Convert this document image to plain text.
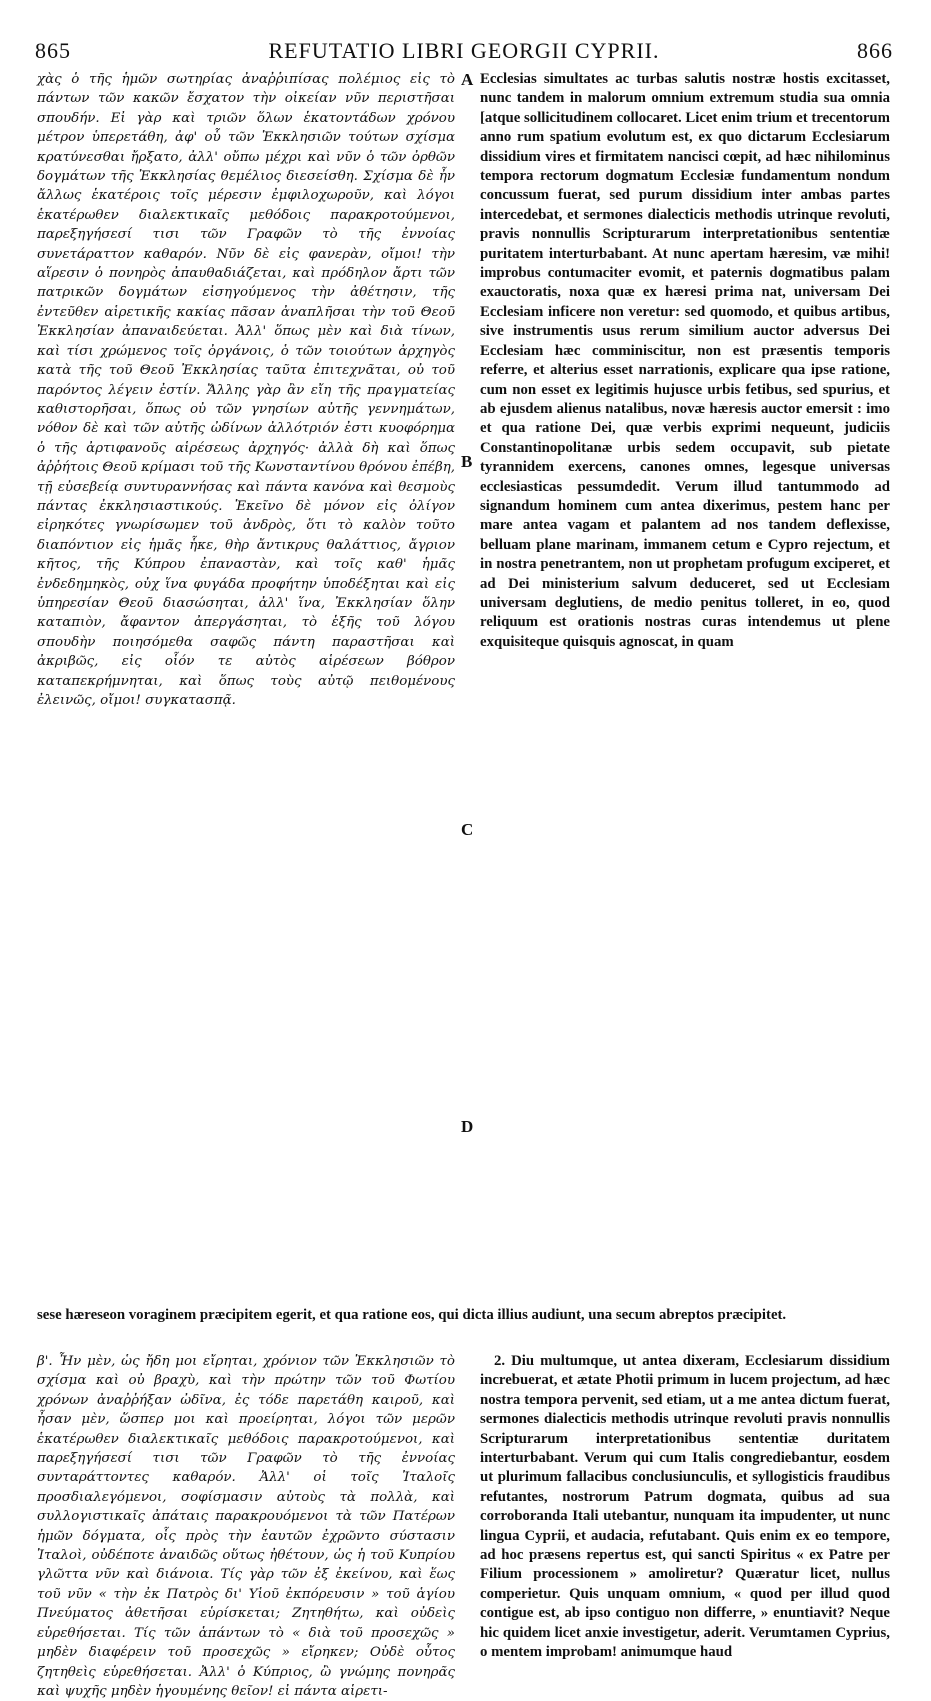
865	REFUTATIO LIBRI GEORGII CYPRII.	866

χὰς ὁ τῆς ἡμῶν σωτηρίας ἀναῤῥιπίσας πολέμιος εἰς τὸ πάντων τῶν κακῶν ἔσχατον τὴν οἰκείαν νῦν περιστῆσαι σπουδήν. Εἰ γὰρ καὶ τριῶν ὅλων ἑκατοντάδων χρόνου μέτρον ὑπερετάθη, ἀφ' οὗ τῶν Ἐκκλησιῶν τούτων σχίσμα κρατύνεσθαι ἤρξατο, ἀλλ' οὔπω μέχρι καὶ νῦν ὁ τῶν ὀρθῶν δογμάτων τῆς Ἐκκλησίας θεμέλιος διεσείσθη. Σχίσμα δὲ ἦν ἄλλως ἑκατέροις τοῖς μέρεσιν ἐμφιλοχωροῦν, καὶ λόγοι ἑκατέρωθεν διαλεκτικαῖς μεθόδοις παρακροτούμενοι, παρεξηγήσεσί τισι τῶν Γραφῶν τὸ τῆς ἐννοίας συνετάραττον καθαρόν. Νῦν δὲ εἰς φανερὰν, οἴμοι! τὴν αἵρεσιν ὁ πονηρὸς ἀπαυθαδιάζεται, καὶ πρόδηλον ἄρτι τῶν πατρικῶν δογμάτων εἰσηγούμενος τὴν ἀθέτησιν, τῆς ἐντεῦθεν αἱρετικῆς κακίας πᾶσαν ἀναπλῆσαι τὴν τοῦ Θεοῦ Ἐκκλησίαν ἀπαναιδεύεται. Ἀλλ' ὅπως μὲν καὶ διὰ τίνων, καὶ τίσι χρώμενος τοῖς ὀργάνοις, ὁ τῶν τοιούτων ἀρχηγὸς κατὰ τῆς τοῦ Θεοῦ Ἐκκλησίας ταῦτα ἐπιτεχνᾶται, οὐ τοῦ παρόντος λέγειν ἐστίν. Ἄλλης γὰρ ἂν εἴη τῆς πραγματείας καθιστορῆσαι, ὅπως οὐ τῶν γνησίων αὐτῆς γεννημάτων, νόθον δὲ καὶ τῶν αὐτῆς ὠδίνων ἀλλότριόν ἐστι κυοφόρημα ὁ τῆς ἀρτιφανοῦς αἱρέσεως ἀρχηγός· ἀλλὰ δὴ καὶ ὅπως ἀῤῥήτοις Θεοῦ κρίμασι τοῦ τῆς Κωνσταντίνου θρόνου ἐπέβη, τῇ εὐσεβείᾳ συντυραννήσας καὶ πάντα κανόνα καὶ θεσμοὺς πάντας ἐκκλησιαστικούς. Ἐκεῖνο δὲ μόνον εἰς ὀλίγον εἰρηκότες γνωρίσωμεν τοῦ ἀνδρὸς, ὅτι τὸ καλὸν τοῦτο διαπόντιον εἰς ἡμᾶς ἧκε, θὴρ ἄντικρυς θαλάττιος, ἄγριον κῆτος, τῆς Κύπρου ἐπαναστὰν, καὶ τοῖς καθ' ἡμᾶς ἐνδεδημηκὸς, οὐχ ἵνα φυγάδα προφήτην ὑποδέξηται καὶ εἰς ὑπηρεσίαν Θεοῦ διασώσηται, ἀλλ' ἵνα, Ἐκκλησίαν ὅλην καταπιὸν, ἄφαντον ἀπεργάσηται, τὸ ἑξῆς τοῦ λόγου σπουδὴν ποιησόμεθα σαφῶς πάντη παραστῆσαι καὶ ἀκριβῶς, εἰς οἷόν τε αὐτὸς αἱρέσεων βόθρον καταπεκρήμνηται, καὶ ὅπως τοὺς αὐτῷ πειθομένους ἐλεινῶς, οἴμοι! συγκατασπᾷ.

Ecclesias simultates ac turbas salutis nostræ hostis excitasset, nunc tandem in malorum omnium extremum studia sua omnia [atque sollicitudinem collocaret. Licet enim trium et trecentorum anno rum spatium evolutum est, ex quo dictarum Ecclesiarum dissidium vires et firmitatem nancisci cœpit, ad hæc nihilominus tempora rectorum dogmatum Ecclesiæ fundamentum nondum concussum fuerat, sed purum dissidium inter ambas partes intercedebat, et sermones dialecticis methodis utrinque revoluti, pravis nonnullis Scripturarum interpretationibus sententiæ puritatem interturbabant. At nunc apertam hæresim, væ mihi! improbus contumaciter evomit, et paternis dogmatibus palam exauctoratis, noxa quæ ex hæresi prima nat, universam Dei Ecclesiam inficere non veretur: sed quomodo, et quibus artibus, sive instrumentis usus rerum similium auctor adversus Dei Ecclesiam hæc comminiscitur, non est præsentis temporis referre, et alterius esset narrationis, explicare qua ipse ratione, cum non esset ex legitimis hujusce urbis fetibus, sed spurius, et ab ejusdem alienus natalibus, novæ hæresis auctor emersit : imo et qua ratione Dei, quæ verbis exprimi nequeunt, judiciis Constantinopolitanæ urbis sedem occupavit, sub pietate tyrannidem exercens, canones omnes, legesque universas ecclesiasticas pessumdedit. Verum illud tantummodo ad signandum hominem cum antea dixerimus, pestem hanc per mare antea vagam et palantem ad nos tandem deflexisse, belluam plane marinam, immanem cetum e Cypro rejectum, et in nostra penetrantem, non ut prophetam profugum exciperet, et ad Dei ministerium salvum deduceret, sed ut Ecclesiam universam deglutiens, de medio penitus tolleret, in eo, quod reliquum est orationis nostras curas intendemus ut plene exquisiteque quisquis agnoscat, in quam

A
B
C
D
sese hæreseon voraginem præcipitem egerit, et qua ratione eos, qui dicta illius audiunt, una secum abreptos præcipitet.

β'. Ἦν μὲν, ὡς ἤδη μοι εἴρηται, χρόνιον τῶν Ἐκκλησιῶν τὸ σχίσμα καὶ οὐ βραχὺ, καὶ τὴν πρώτην τῶν τοῦ Φωτίου χρόνων ἀναῤῥήξαν ὠδῖνα, ἐς τόδε παρετάθη καιροῦ, καὶ ἦσαν μὲν, ὥσπερ μοι καὶ προείρηται, λόγοι τῶν μερῶν ἑκατέρωθεν διαλεκτικαῖς μεθόδοις παρακροτούμενοι, καὶ παρεξηγήσεσί τισι τῶν Γραφῶν τὸ τῆς ἐννοίας συνταράττοντες καθαρόν. Ἀλλ' οἱ τοῖς Ἰταλοῖς προσδιαλεγόμενοι, σοφίσμασιν αὐτοὺς τὰ πολλὰ, καὶ συλλογιστικαῖς ἀπάταις παρακρουόμενοι τὰ τῶν Πατέρων ἡμῶν δόγματα, οἷς πρὸς τὴν ἑαυτῶν ἐχρῶντο σύστασιν Ἰταλοὶ, οὐδέποτε ἀναιδῶς οὕτως ἠθέτουν, ὡς ἡ τοῦ Κυπρίου γλῶττα νῦν καὶ διάνοια. Τίς γὰρ τῶν ἐξ ἐκείνου, καὶ ἕως τοῦ νῦν « τὴν ἐκ Πατρὸς δι' Υἱοῦ ἐκπόρευσιν » τοῦ ἁγίου Πνεύματος ἀθετῆσαι εὑρίσκεται; Ζητηθήτω, καὶ οὐδεὶς εὑρεθήσεται. Τίς τῶν ἁπάντων τὸ « διὰ τοῦ προσεχῶς » μηδὲν διαφέρειν τοῦ προσεχῶς » εἴρηκεν; Οὐδὲ οὗτος ζητηθεὶς εὑρεθήσεται. Ἀλλ' ὁ Κύπριος, ὢ γνώμης πονηρᾶς καὶ ψυχῆς μηδὲν ἡγουμένης θεῖον! εἰ πάντα αἱρετι-

2. Diu multumque, ut antea dixeram, Ecclesiarum dissidium increbuerat, et ætate Photii primum in lucem projectum, ad hæc nostra tempora pervenit, sed etiam, ut a me antea dictum fuerat, sermones dialecticis methodis utrinque revoluti pravis nonnullis Scripturarum interpretationibus sententiæ duritatem interturbabant. Verum qui cum Italis congrediebantur, eosdem ut plurimum fallacibus conclusiunculis, et syllogisticis fraudibus refutantes, nostrorum Patrum dogmata, quibus ad sua corroboranda Itali utebantur, nunquam ita impudenter, ut nunc lingua Cyprii, et audacia, refutabant. Quis enim ex eo tempore, ad hoc præsens repertus est, qui sancti Spiritus « ex Patre per Filium processionem » amoliretur? Quæratur licet, nullus comperietur. Quis unquam omnium, « quod per illud quod contigue est, ab ipso contiguo non differre, » enuntiavit? Neque hic quidem licet anxie investigetur, aderit. Verumtamen Cyprius, o mentem improbam! animumque haud
